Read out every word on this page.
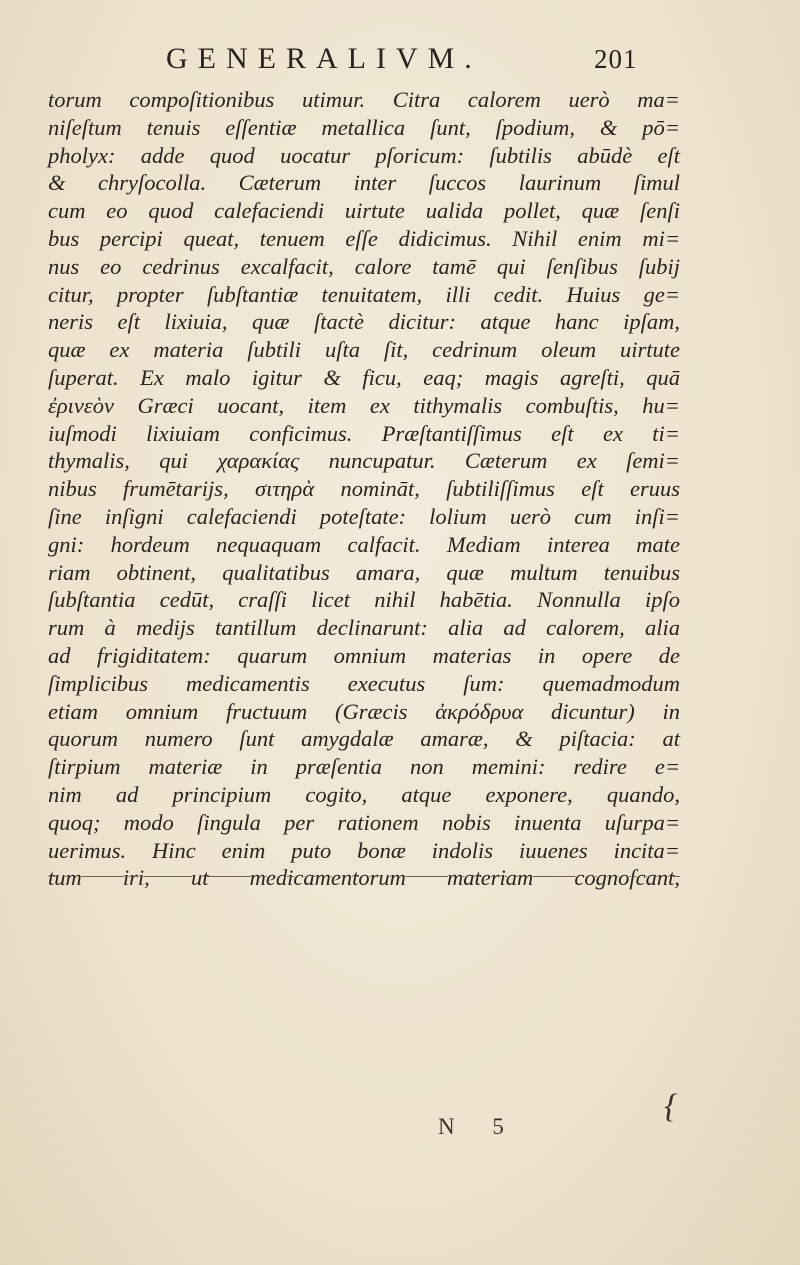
GENERALIVM.	201
torum compoſitionibus utimur. Citra calorem uerò ma=
niſeſtum tenuis eſſentiæ metallica ſunt, ſpodium, & pō=
pholyx: adde quod uocatur pſoricum: ſubtilis abūdè eſt
& chryſocolla. Cæterum inter ſuccos laurinum ſimul
cum eo quod calefaciendi uirtute ualida pollet, quæ ſenſi
bus percipi queat, tenuem eſſe didicimus. Nihil enim mi=
nus eo cedrinus excalfacit, calore tamē qui ſenſibus ſubij
citur, propter ſubſtantiæ tenuitatem, illi cedit. Huius ge=
neris eſt lixiuia, quæ ſtactè dicitur: atque hanc ipſam,
quæ ex materia ſubtili uſta ſit, cedrinum oleum uirtute
ſuperat. Ex malo igitur & ficu, eaq; magis agreſti, quā
ἐρινεὸν Græci uocant, item ex tithymalis combuſtis, hu=
iuſmodi lixiuiam conficimus. Præſtantiſſimus eſt ex ti=
thymalis, qui χαρακίας nuncupatur. Cæterum ex ſemi=
nibus frumētarijs, σιτηρὰ nomināt, ſubtiliſſimus eſt eruus
ſine inſigni calefaciendi poteſtate: lolium uerò cum inſi=
gni: hordeum nequaquam calfacit. Mediam interea mate
riam obtinent, qualitatibus amara, quæ multum tenuibus
ſubſtantia cedūt, craſſi licet nihil habētia. Nonnulla ipſo
rum à medijs tantillum declinarunt: alia ad calorem, alia
ad frigiditatem: quarum omnium materias in opere de
ſimplicibus medicamentis executus ſum: quemadmodum
etiam omnium fructuum (Græcis ἀκρόδρυα dicuntur) in
quorum numero ſunt amygdalæ amaræ, & piſtacia: at
ſtirpium materiæ in præſentia non memini: redire e=
nim ad principium cogito, atque exponere, quando,
quoq; modo ſingula per rationem nobis inuenta uſurpa=
uerimus. Hinc enim puto bonæ indolis iuuenes incita=
tum iri, ut medicamentorum materiam cognoſcant,
{
N 5
